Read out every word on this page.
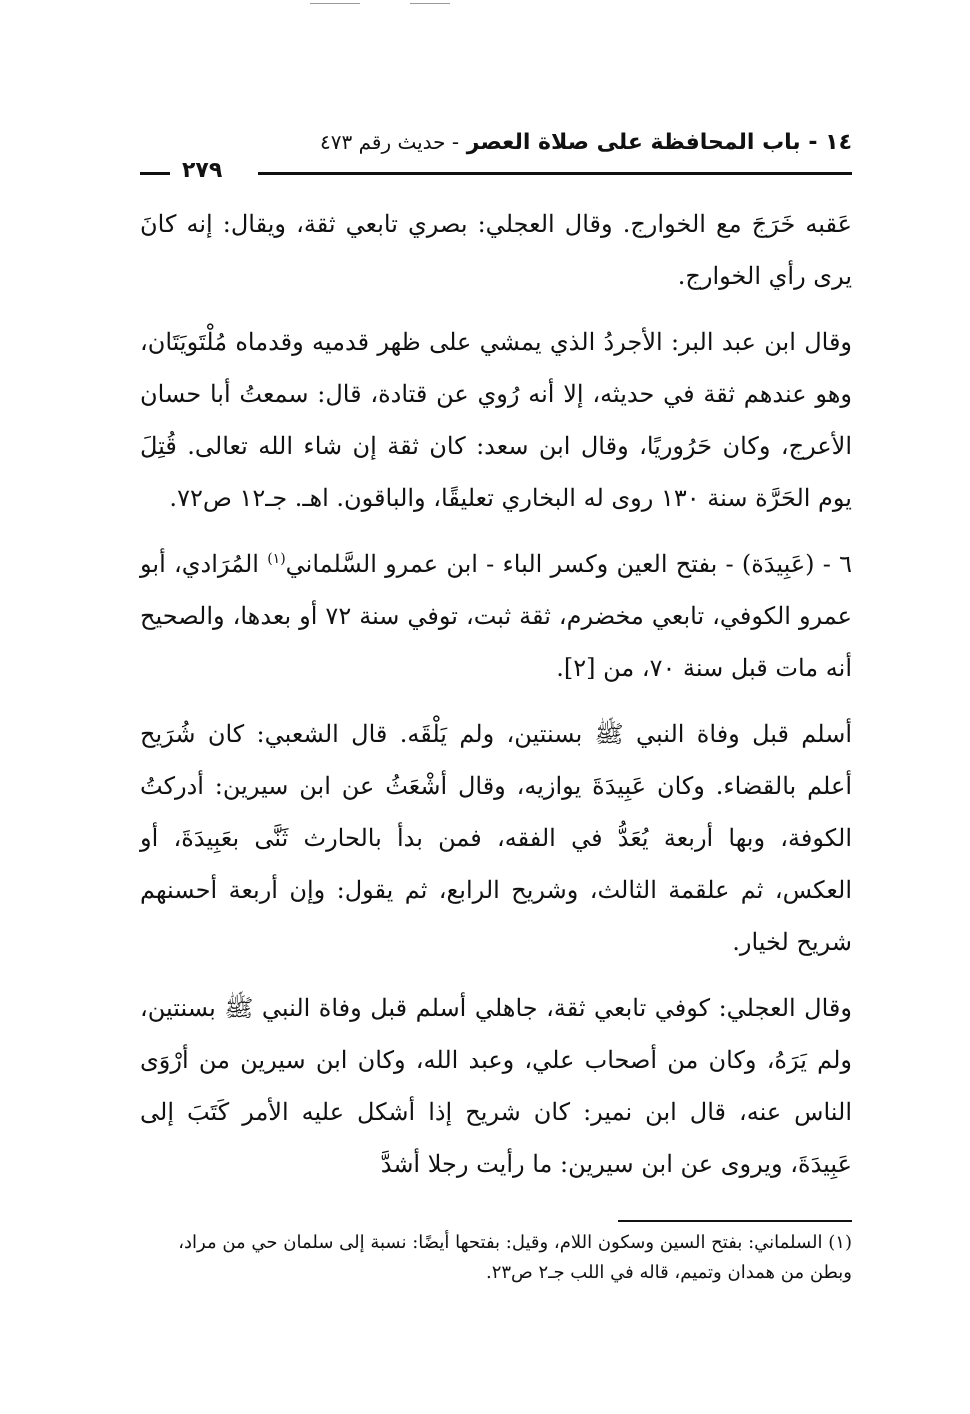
١٤ - باب المحافظة على صلاة العصر - حديث رقم ٤٧٣
٢٧٩

عَقبه خَرَجَ مع الخوارج. وقال العجلي: بصري تابعي ثقة، ويقال: إنه كانَ يرى رأي الخوارج.

وقال ابن عبد البر: الأجردُ الذي يمشي على ظهر قدميه وقدماه مُلْتَويَتَان، وهو عندهم ثقة في حديثه، إلا أنه رُوي عن قتادة، قال: سمعتُ أبا حسان الأعرج، وكان حَرُوريًا، وقال ابن سعد: كان ثقة إن شاء الله تعالى. قُتِلَ يوم الحَرَّة سنة ١٣٠ روى له البخاري تعليقًا، والباقون. اهـ. جـ١٢ ص٧٢.

٦ - (عَبِيدَة) - بفتح العين وكسر الباء - ابن عمرو السَّلماني$^{(١)}$ المُرَادي، أبو عمرو الكوفي، تابعي مخضرم، ثقة ثبت، توفي سنة ٧٢ أو بعدها، والصحيح أنه مات قبل سنة ٧٠، من [٢].

أسلم قبل وفاة النبي ﷺ بسنتين، ولم يَلْقَه. قال الشعبي: كان شُرَيح أعلم بالقضاء. وكان عَبِيدَةَ يوازيه، وقال أشْعَثُ عن ابن سيرين: أدركتُ الكوفة، وبها أربعة يُعَدُّ في الفقه، فمن بدأ بالحارث ثَنَّى بعَبِيدَةَ، أو العكس، ثم علقمة الثالث، وشريح الرابع، ثم يقول: وإن أربعة أحسنهم شريح لخيار.

وقال العجلي: كوفي تابعي ثقة، جاهلي أسلم قبل وفاة النبي ﷺ بسنتين، ولم يَرَهُ، وكان من أصحاب علي، وعبد الله، وكان ابن سيرين من أرْوَى الناس عنه، قال ابن نمير: كان شريح إذا أشكل عليه الأمر كَتَبَ إلى عَبِيدَةَ، ويروى عن ابن سيرين: ما رأيت رجلا أشدَّ

(١) السلماني: بفتح السين وسكون اللام، وقيل: بفتحها أيضًا: نسبة إلى سلمان حي من مراد، وبطن من همدان وتميم، قاله في اللب جـ٢ ص٢٣.
